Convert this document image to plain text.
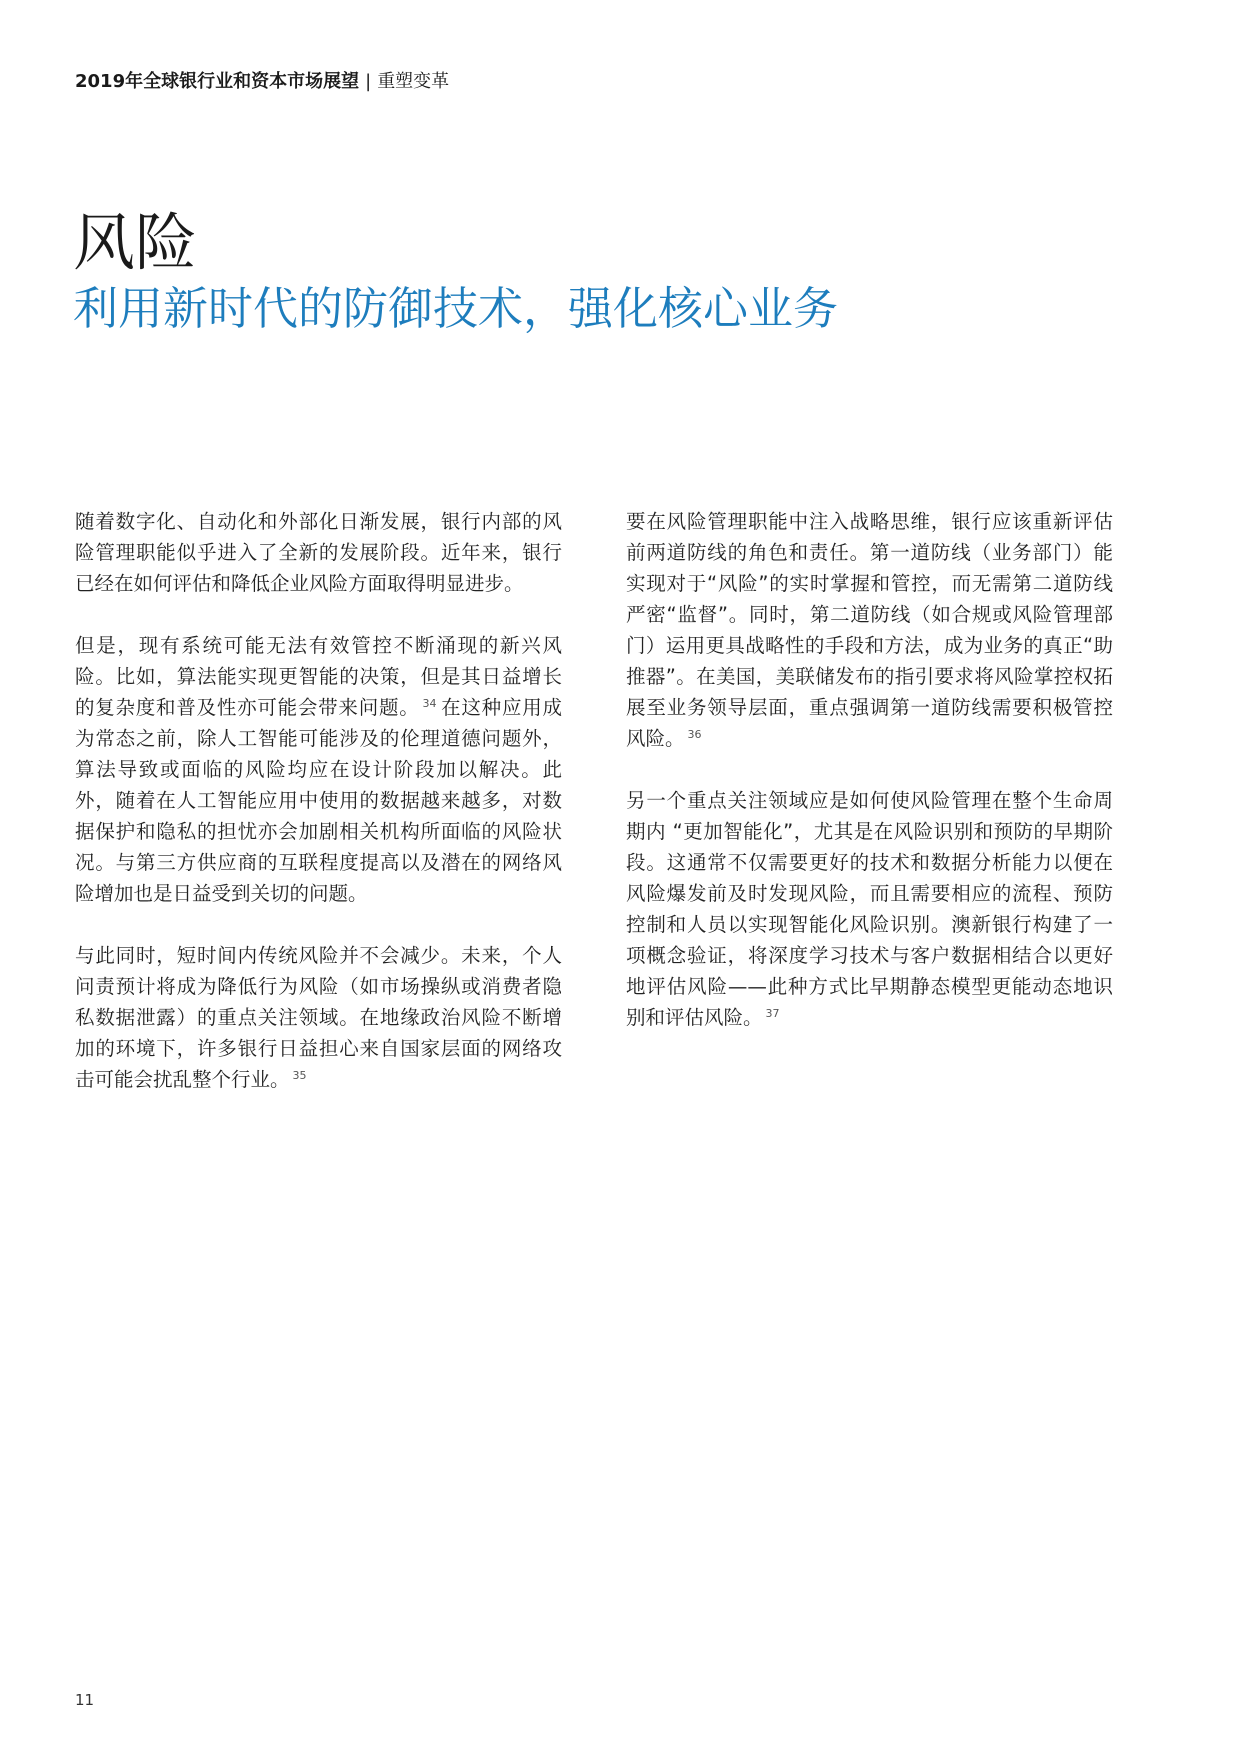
2019年全球银行业和资本市场展望 | 重塑变革
风险
利用新时代的防御技术，强化核心业务

随着数字化、自动化和外部化日渐发展，银行内部的风险管理职能似乎进入了全新的发展阶段。近年来，银行已经在如何评估和降低企业风险方面取得明显进步。

但是，现有系统可能无法有效管控不断涌现的新兴风险。比如，算法能实现更智能的决策，但是其日益增长的复杂度和普及性亦可能会带来问题。 $^{34}$  在这种应用成为常态之前，除人工智能可能涉及的伦理道德问题外，算法导致或面临的风险均应在设计阶段加以解决。此外，随着在人工智能应用中使用的数据越来越多，对数据保护和隐私的担忧亦会加剧相关机构所面临的风险状况。与第三方供应商的互联程度提高以及潜在的网络风险增加也是日益受到关切的问题。

与此同时，短时间内传统风险并不会减少。未来，个人问责预计将成为降低行为风险（如市场操纵或消费者隐私数据泄露）的重点关注领域。在地缘政治风险不断增加的环境下，许多银行日益担心来自国家层面的网络攻击可能会扰乱整个行业。 $^{35}$

要在风险管理职能中注入战略思维，银行应该重新评估前两道防线的角色和责任。第一道防线（业务部门）能实现对于“风险”的实时掌握和管控，而无需第二道防线严密“监督”。同时，第二道防线（如合规或风险管理部门）运用更具战略性的手段和方法，成为业务的真正“助推器”。在美国，美联储发布的指引要求将风险掌控权拓展至业务领导层面，重点强调第一道防线需要积极管控风险。 $^{36}$

另一个重点关注领域应是如何使风险管理在整个生命周期内 “更加智能化”，尤其是在风险识别和预防的早期阶段。这通常不仅需要更好的技术和数据分析能力以便在风险爆发前及时发现风险，而且需要相应的流程、预防控制和人员以实现智能化风险识别。澳新银行构建了一项概念验证，将深度学习技术与客户数据相结合以更好地评估风险——此种方式比早期静态模型更能动态地识别和评估风险。 $^{37}$

11
